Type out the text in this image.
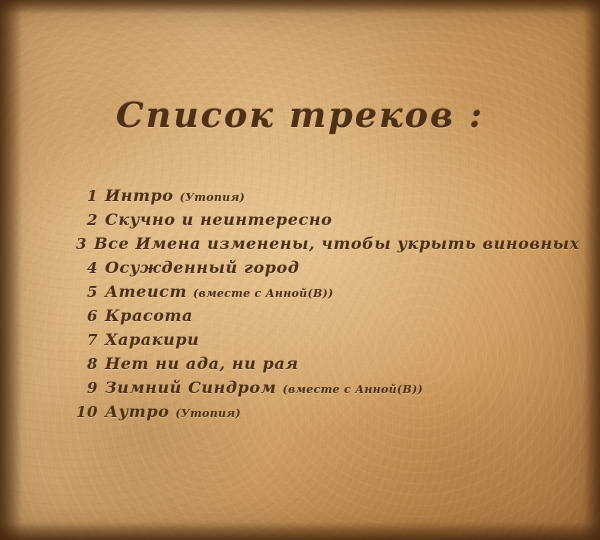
Список треков :
1 Интро (Утопия)
2 Скучно и неинтересно
3 Все Имена изменены, чтобы укрыть виновных
4 Осужденный город
5 Атеист (вместе с Анной(В))
6 Красота
7 Харакири
8 Нет ни ада, ни рая
9 Зимний Синдром (вместе с Анной(В))
10 Аутро (Утопия)
